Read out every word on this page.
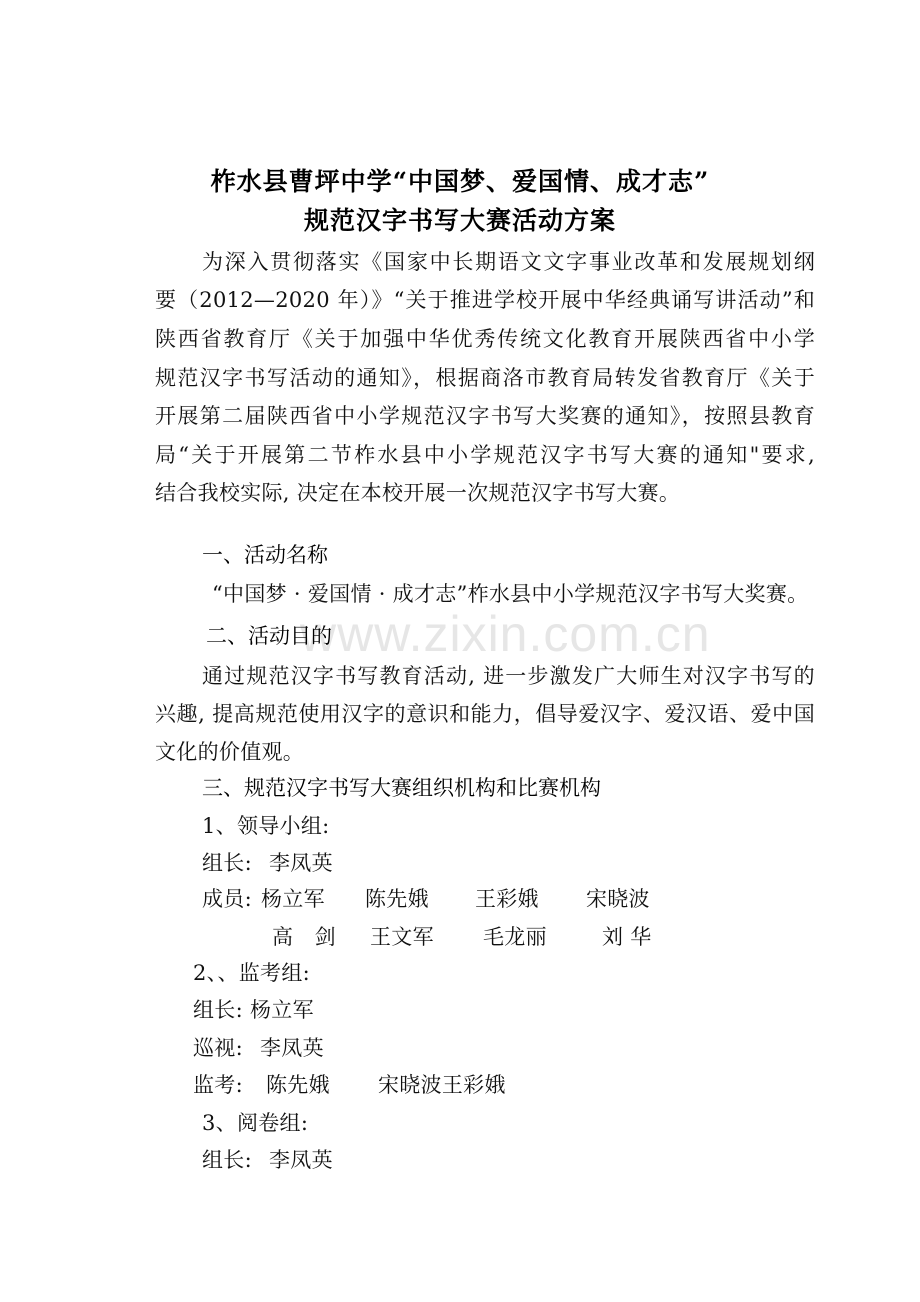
www.zixin.com.cn
柞水县曹坪中学“中国梦、爱国情、成才志”
规范汉字书写大赛活动方案
为深入贯彻落实《国家中长期语文文字事业改革和发展规划纲
要（2012—2020 年）》“关于推进学校开展中华经典诵写讲活动”和
陕西省教育厅《关于加强中华优秀传统文化教育开展陕西省中小学
规范汉字书写活动的通知》，根据商洛市教育局转发省教育厅《关于
开展第二届陕西省中小学规范汉字书写大奖赛的通知》，按照县教育
局“关于开展第二节柞水县中小学规范汉字书写大赛的通知"要求,
结合我校实际, 决定在本校开展一次规范汉字书写大赛。
一、活动名称
“中国梦 · 爱国情 · 成才志”柞水县中小学规范汉字书写大奖赛。
二、活动目的
通过规范汉字书写教育活动, 进一步激发广大师生对汉字书写的
兴趣, 提高规范使用汉字的意识和能力，倡导爱汉字、爱汉语、爱中国
文化的价值观。
三、规范汉字书写大赛组织机构和比赛机构
1、领导小组:
组长: 李凤英
成员: 杨立军 陈先娥 王彩娥 宋晓波
高　剑 王文军 毛龙丽	刘 华
2、、监考组:
组长: 杨立军
巡视: 李凤英
监考: 陈先娥 宋晓波王彩娥
3、阅卷组:
组长: 李凤英
